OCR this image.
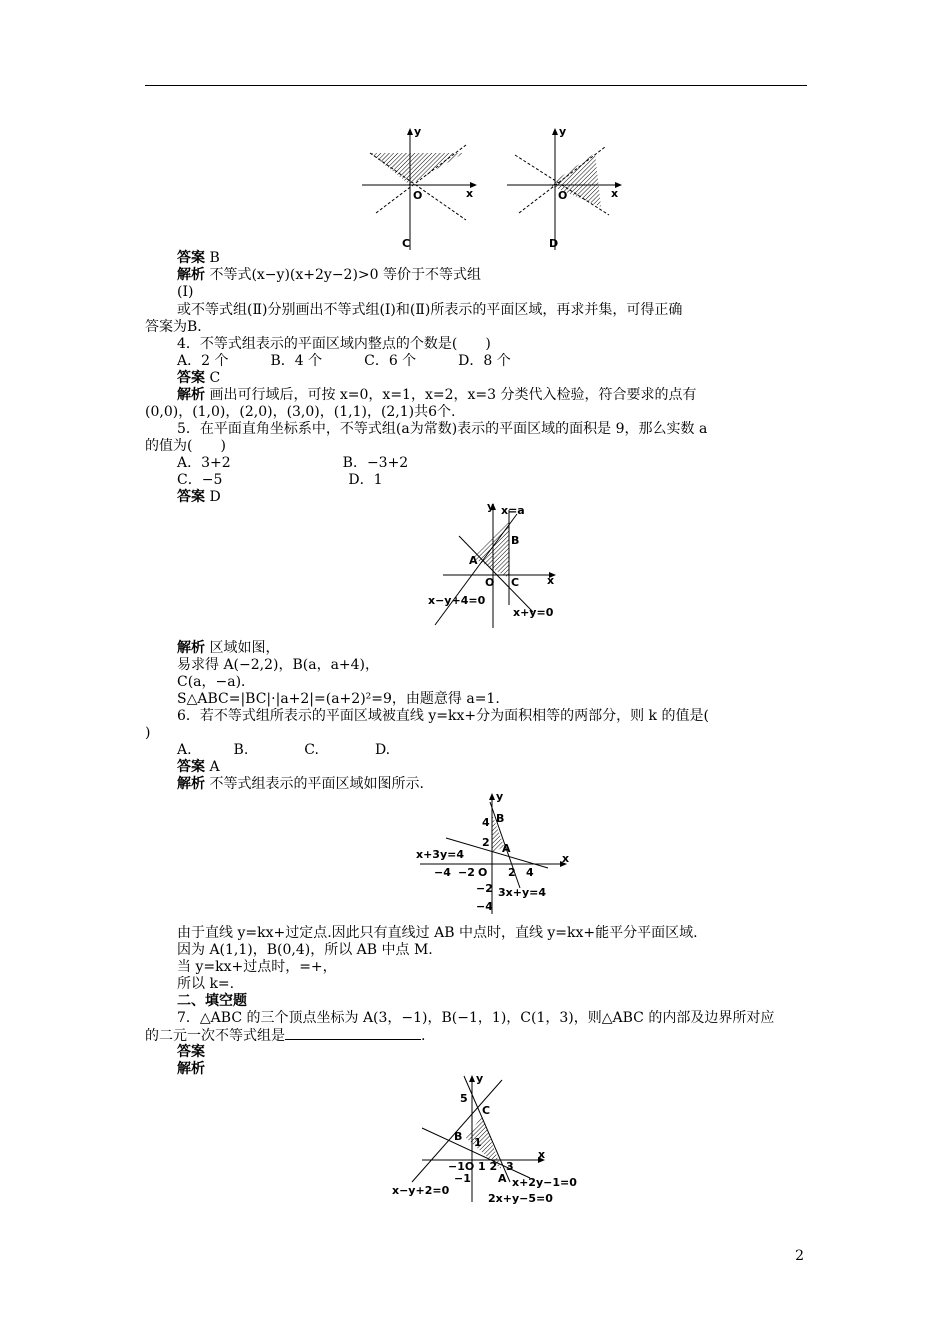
y
x
O
C
y
x
O
D
答案 B
解析 不等式(x−y)(x+2y−2)>0 等价于不等式组
(Ⅰ)
或不等式组(Ⅱ)分别画出不等式组(Ⅰ)和(Ⅱ)所表示的平面区域，再求并集，可得正确
答案为B.
4．不等式组表示的平面区域内整点的个数是(　　)
A．2 个　　　B．4 个　　　C．6 个　　　D．8 个
答案 C
解析 画出可行域后，可按 x=0，x=1，x=2，x=3 分类代入检验，符合要求的点有
(0,0)，(1,0)，(2,0)，(3,0)，(1,1)，(2,1)共6个.
5．在平面直角坐标系中，不等式组(a为常数)表示的平面区域的面积是 9，那么实数 a
的值为(　　)
A．3+2　　　　　　　　B．−3+2
C．−5　　　　　　　　　D．1
答案 D
y x=a
B
A
O C	x
x−y+4=0
x+y=0
解析 区域如图，
易求得 A(−2,2)，B(a，a+4)，
C(a，−a)．
S△ABC=|BC|·|a+2|=(a+2)²=9，由题意得 a=1.
6．若不等式组所表示的平面区域被直线 y=kx+分为面积相等的两部分，则 k 的值是(
)
A.　　　B.　　　　C.　　　　D.
答案 A
解析 不等式组表示的平面区域如图所示.
y
4 B
2 A
x+3y=4
−4 −2 O 2 4
x
−2 3x+y=4
−4
由于直线 y=kx+过定点.因此只有直线过 AB 中点时，直线 y=kx+能平分平面区域.
因为 A(1,1)，B(0,4)，所以 AB 中点 M.
当 y=kx+过点时，=+，
所以 k=.
二、填空题
7．△ABC 的三个顶点坐标为 A(3，−1)，B(−1，1)，C(1，3)，则△ABC 的内部及边界所对应
的二元一次不等式组是	.
答案
解析
y
5
C
B 1
−1O 1 2 3
x
−1 A
x−y+2=0
x+2y−1=0
2x+y−5=0
2
